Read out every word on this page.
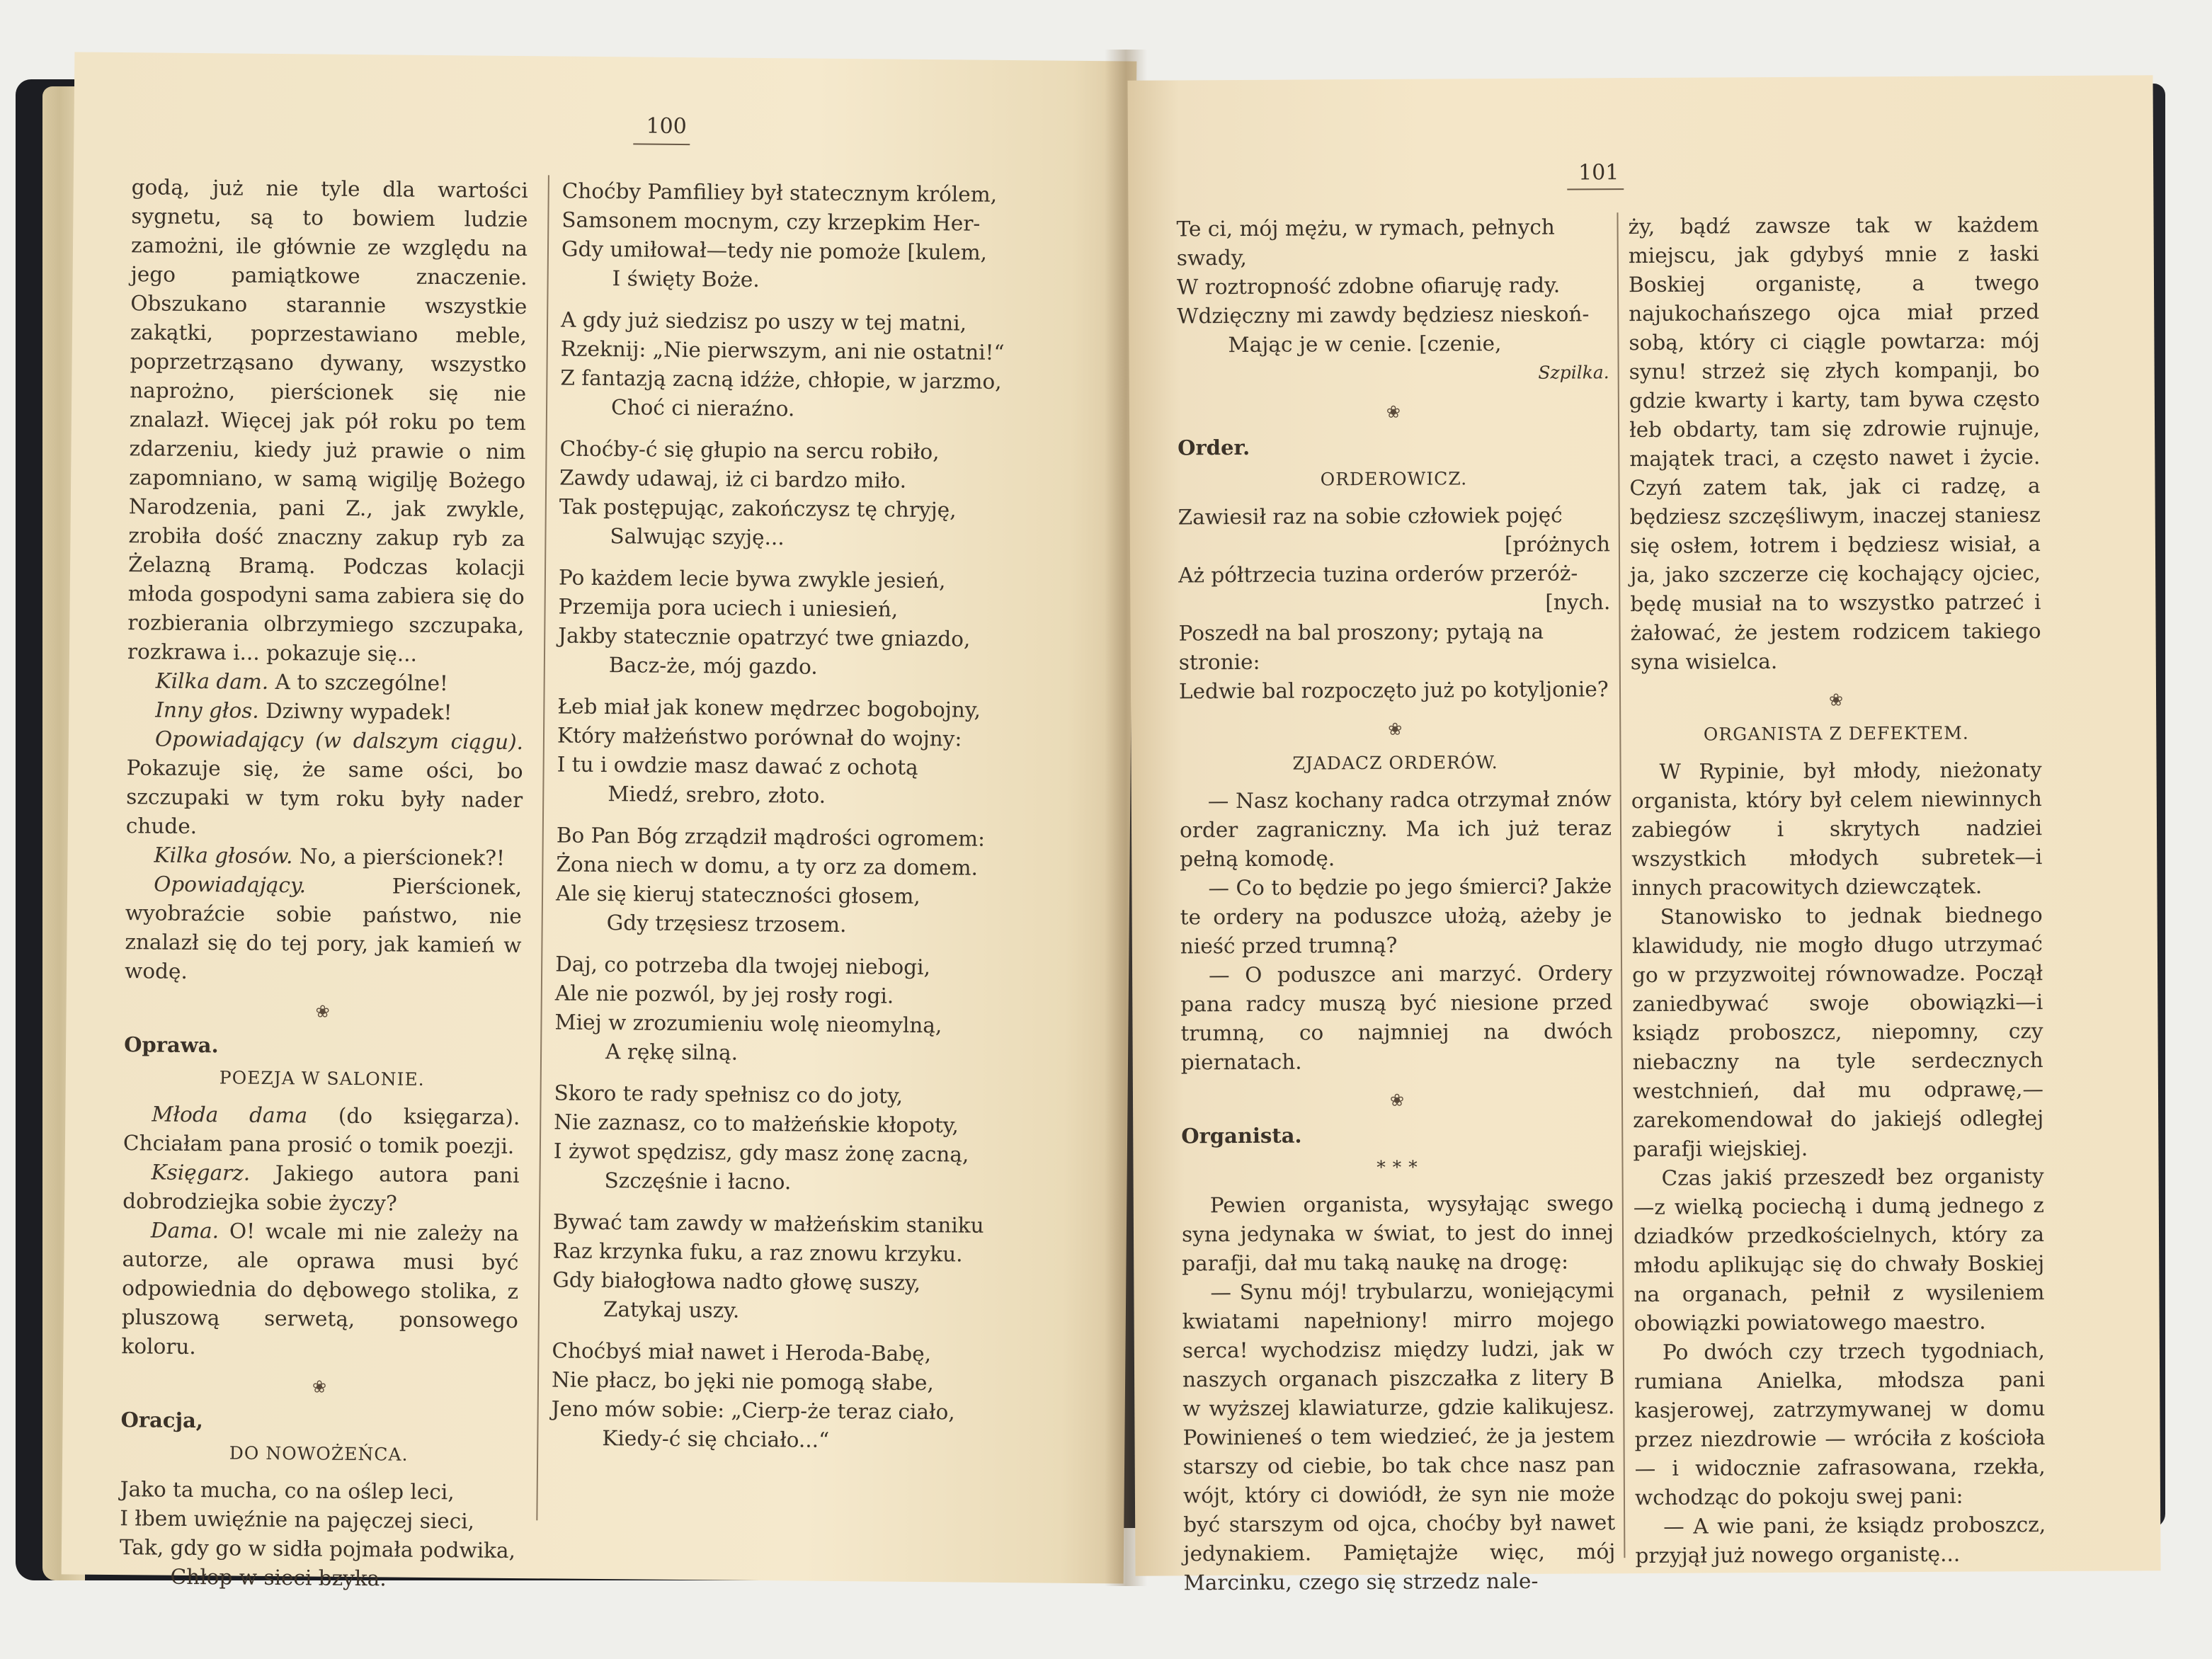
100

godą, już nie tyle dla wartości sygnetu, są to bowiem ludzie zamożni, ile głównie ze względu na jego pamiątkowe znaczenie. Obszukano starannie wszystkie zakątki, poprzestawiano meble, poprzetrząsano dywany, wszystko naprożno, pierścionek się nie znalazł. Więcej jak pół roku po tem zdarzeniu, kiedy już prawie o nim zapomniano, w samą wigilję Bożego Narodzenia, pani Z., jak zwykle, zrobiła dość znaczny zakup ryb za Żelazną Bramą. Podczas kolacji młoda gospodyni sama zabiera się do rozbierania olbrzymiego szczupaka, rozkrawa i... pokazuje się...

Kilka dam. A to szczególne!

Inny głos. Dziwny wypadek!

Opowiadający (w dalszym ciągu). Pokazuje się, że same ości, bo szczupaki w tym roku były nader chude.

Kilka głosów. No, a pierścionek?!

Opowiadający. Pierścionek, wyobraźcie sobie państwo, nie znalazł się do tej pory, jak kamień w wodę.

❀
Oprawa.
POEZJA W SALONIE.

Młoda dama (do księgarza). Chciałam pana prosić o tomik poezji.

Księgarz. Jakiego autora pani dobrodziejka sobie życzy?

Dama. O! wcale mi nie zależy na autorze, ale oprawa musi być odpowiednia do dębowego stolika, z pluszową serwetą, ponsowego koloru.

❀
Oracja,
DO NOWOŻEŃCA.
Jako ta mucha, co na oślep leci,
I łbem uwięźnie na pajęczej sieci,
Tak, gdy go w sidła pojmała podwika,
Chłop w sieci bzyka.
Choćby Pamfiliey był statecznym królem,
Samsonem mocnym, czy krzepkim Her-
Gdy umiłował—tedy nie pomoże [kulem,
I święty Boże.
A gdy już siedzisz po uszy w tej matni,
Rzeknij: „Nie pierwszym, ani nie ostatni!“
Z fantazją zacną idźże, chłopie, w jarzmo,
Choć ci nieraźno.
Choćby-ć się głupio na sercu robiło,
Zawdy udawaj, iż ci bardzo miło.
Tak postępując, zakończysz tę chryję,
Salwując szyję...
Po każdem lecie bywa zwykle jesień,
Przemija pora uciech i uniesień,
Jakby statecznie opatrzyć twe gniazdo,
Bacz-że, mój gazdo.
Łeb miał jak konew mędrzec bogobojny,
Który małżeństwo porównał do wojny:
I tu i owdzie masz dawać z ochotą
Miedź, srebro, złoto.
Bo Pan Bóg zrządził mądrości ogromem:
Żona niech w domu, a ty orz za domem.
Ale się kieruj stateczności głosem,
Gdy trzęsiesz trzosem.
Daj, co potrzeba dla twojej niebogi,
Ale nie pozwól, by jej rosły rogi.
Miej w zrozumieniu wolę nieomylną,
A rękę silną.
Skoro te rady spełnisz co do joty,
Nie zaznasz, co to małżeńskie kłopoty,
I żywot spędzisz, gdy masz żonę zacną,
Szczęśnie i łacno.
Bywać tam zawdy w małżeńskim staniku
Raz krzynka fuku, a raz znowu krzyku.
Gdy białogłowa nadto głowę suszy,
Zatykaj uszy.
Choćbyś miał nawet i Heroda-Babę,
Nie płacz, bo jęki nie pomogą słabe,
Jeno mów sobie: „Cierp-że teraz ciało,
Kiedy-ć się chciało...“
101
Te ci, mój mężu, w rymach, pełnych swady,
W roztropność zdobne ofiaruję rady.
Wdzięczny mi zawdy będziesz nieskoń-
Mając je w cenie. [czenie,
Szpilka.
❀
Order.
ORDEROWICZ.
Zawiesił raz na sobie człowiek pojęć
[próżnych
Aż półtrzecia tuzina orderów przeróż-
[nych.
Poszedł na bal proszony; pytają na stronie:
Ledwie bal rozpoczęto już po kotyljonie?
❀
ZJADACZ ORDERÓW.

— Nasz kochany radca otrzymał znów order zagraniczny. Ma ich już teraz pełną komodę.

— Co to będzie po jego śmierci? Jakże te ordery na poduszce ułożą, ażeby je nieść przed trumną?

— O poduszce ani marzyć. Ordery pana radcy muszą być niesione przed trumną, co najmniej na dwóch piernatach.

❀
Organista.
* * *

Pewien organista, wysyłając swego syna jedynaka w świat, to jest do innej parafji, dał mu taką naukę na drogę:

— Synu mój! trybularzu, woniejącymi kwiatami napełniony! mirro mojego serca! wychodzisz między ludzi, jak w naszych organach piszczałka z litery B w wyższej klawiaturze, gdzie kalikujesz. Powinieneś o tem wiedzieć, że ja jestem starszy od ciebie, bo tak chce nasz pan wójt, który ci dowiódł, że syn nie może być starszym od ojca, choćby był nawet jedynakiem. Pamiętajże więc, mój Marcinku, czego się strzedz nale-

ży, bądź zawsze tak w każdem miejscu, jak gdybyś mnie z łaski Boskiej organistę, a twego najukochańszego ojca miał przed sobą, który ci ciągle powtarza: mój synu! strzeż się złych kompanji, bo gdzie kwarty i karty, tam bywa często łeb obdarty, tam się zdrowie rujnuje, majątek traci, a często nawet i życie. Czyń zatem tak, jak ci radzę, a będziesz szczęśliwym, inaczej staniesz się osłem, łotrem i będziesz wisiał, a ja, jako szczerze cię kochający ojciec, będę musiał na to wszystko patrzeć i żałować, że jestem rodzicem takiego syna wisielca.

❀
ORGANISTA Z DEFEKTEM.

W Rypinie, był młody, nieżonaty organista, który był celem niewinnych zabiegów i skrytych nadziei wszystkich młodych subretek—i innych pracowitych dziewczątek.

Stanowisko to jednak biednego klawidudy, nie mogło długo utrzymać go w przyzwoitej równowadze. Począł zaniedbywać swoje obowiązki—i ksiądz proboszcz, niepomny, czy niebaczny na tyle serdecznych westchnień, dał mu odprawę,—zarekomendował do jakiejś odległej parafji wiejskiej.

Czas jakiś przeszedł bez organisty—z wielką pociechą i dumą jednego z dziadków przedkościelnych, który za młodu aplikując się do chwały Boskiej na organach, pełnił z wysileniem obowiązki powiatowego maestro.

Po dwóch czy trzech tygodniach, rumiana Anielka, młodsza pani kasjerowej, zatrzymywanej w domu przez niezdrowie — wróciła z kościoła — i widocznie zafrasowana, rzekła, wchodząc do pokoju swej pani:

— A wie pani, że ksiądz proboszcz, przyjął już nowego organistę...
